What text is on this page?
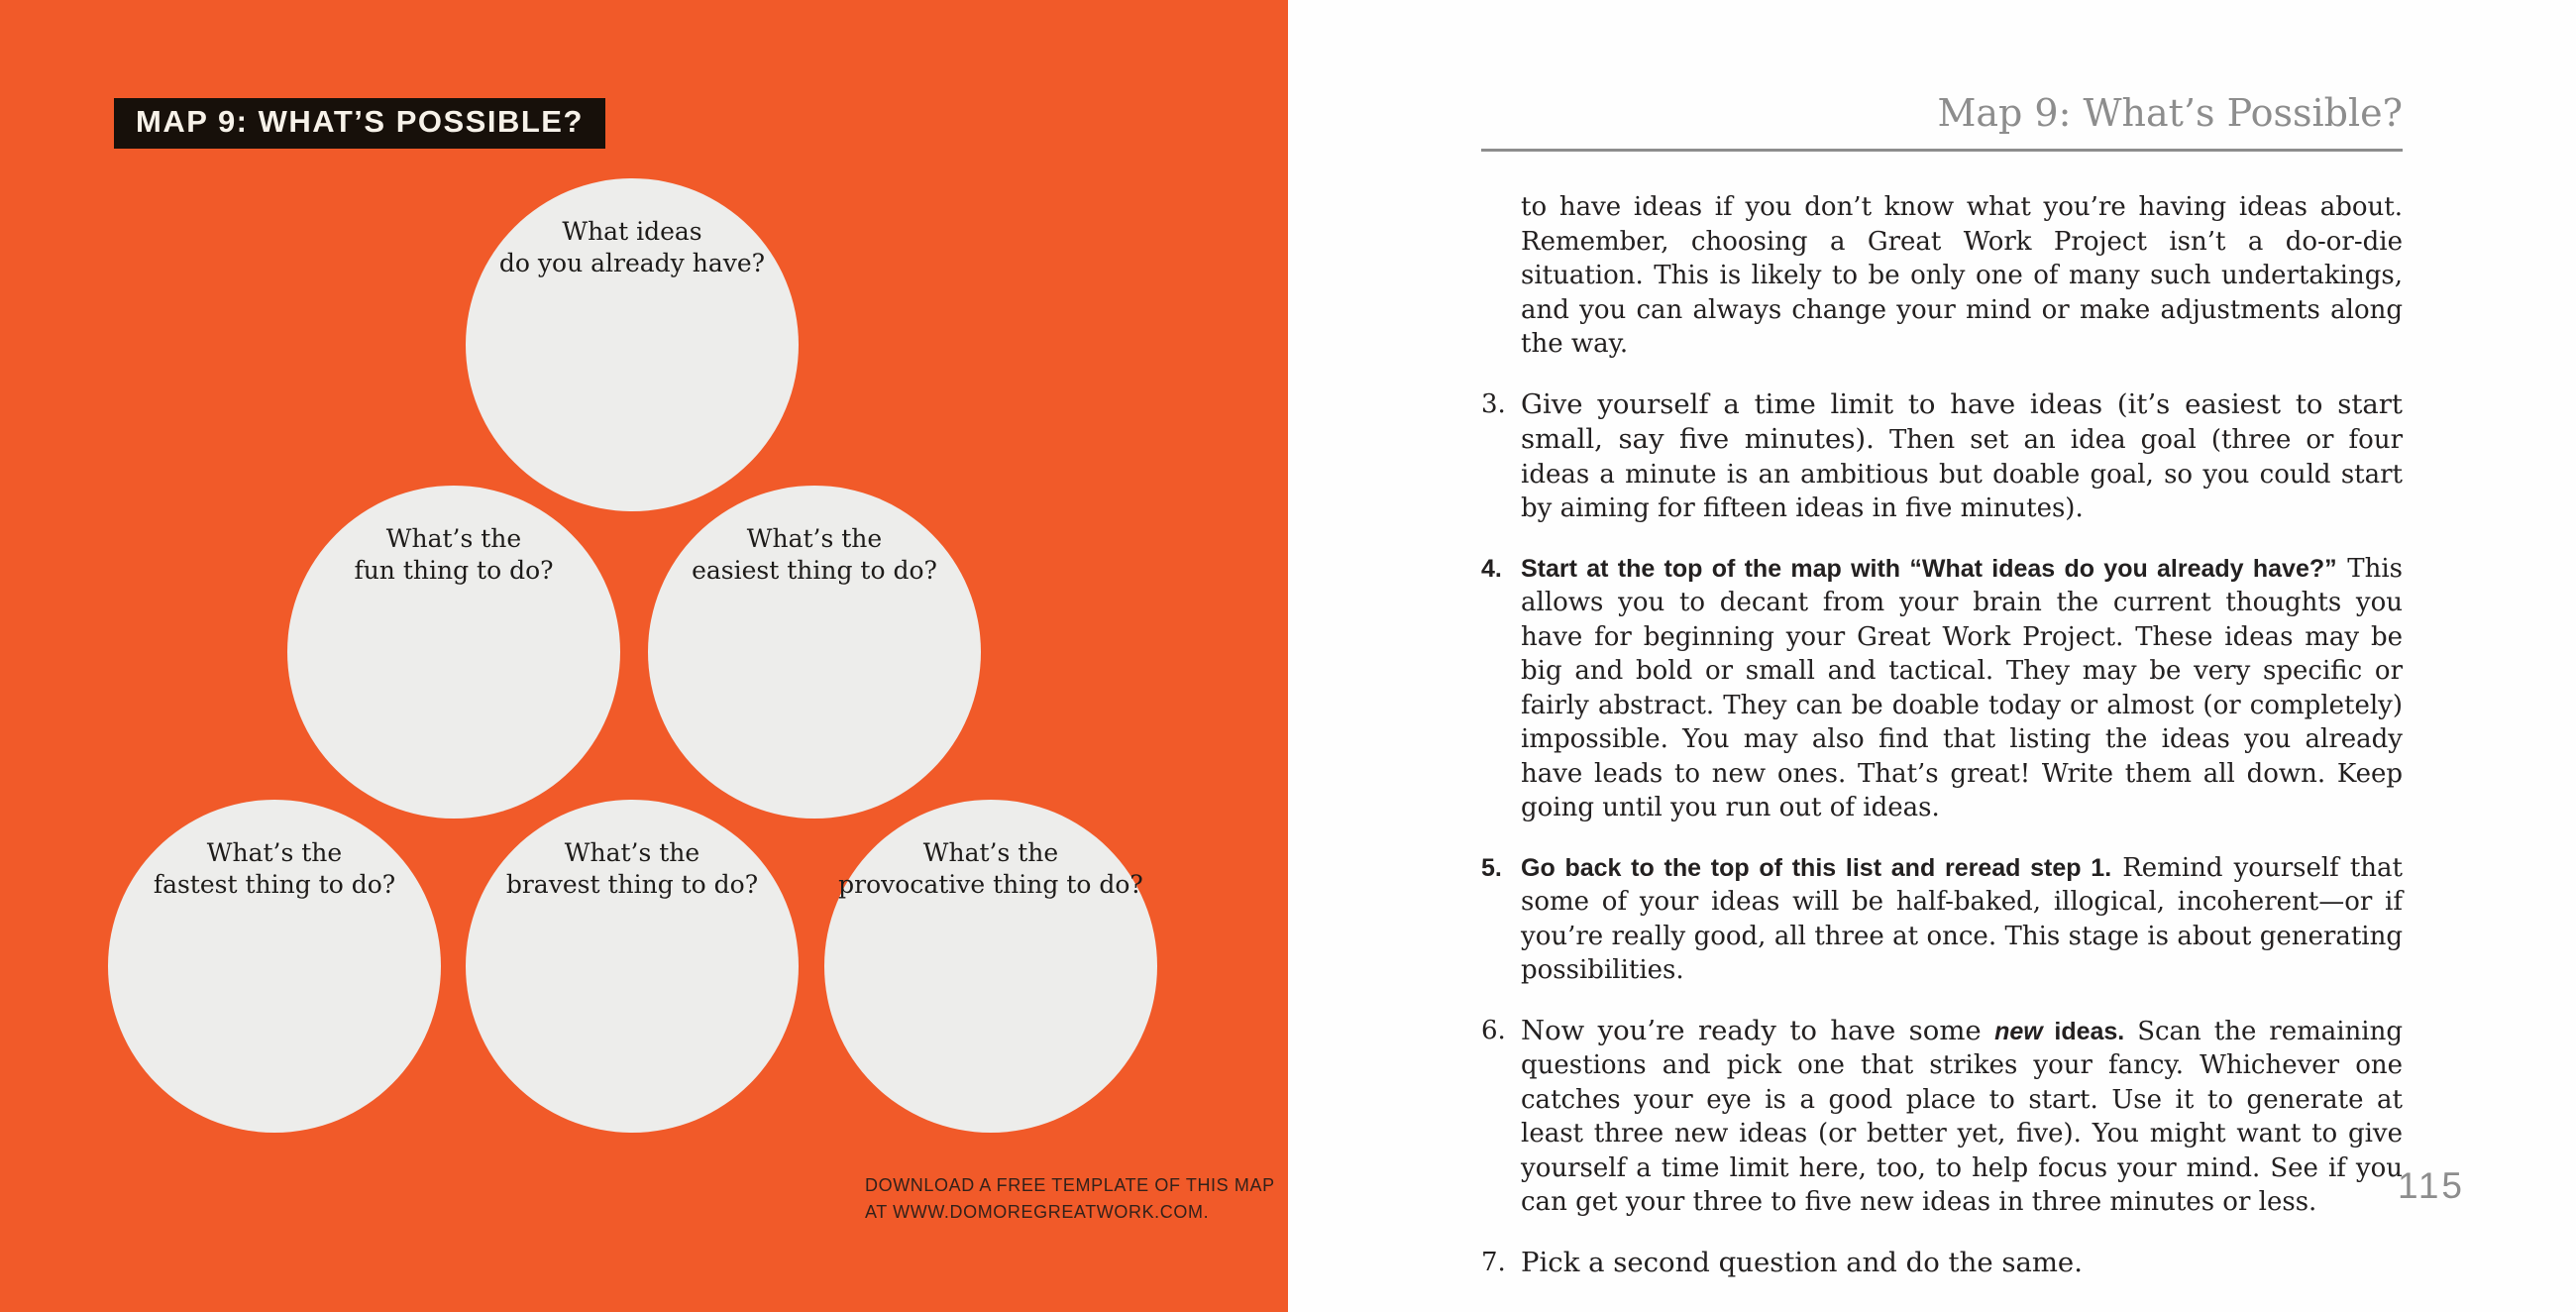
MAP 9: WHAT’S POSSIBLE?
What ideas
do you already have?
What’s the
fun thing to do?
What’s the
easiest thing to do?
What’s the
fastest thing to do?
What’s the
bravest thing to do?
What’s the
provocative thing to do?
DOWNLOAD A FREE TEMPLATE OF THIS MAP
AT WWW.DOMOREGREATWORK.COM.
Map 9: What’s Possible?

to have ideas if you don’t know what you’re having ideas about. Remember, choosing a Great Work Project isn’t a do-or-die situation. This is likely to be only one of many such undertakings, and you can always change your mind or make adjustments along the way.

3. Give yourself a time limit to have ideas (it’s easiest to start small, say five minutes). Then set an idea goal (three or four ideas a minute is an ambitious but doable goal, so you could start by aiming for fifteen ideas in five minutes).
4. Start at the top of the map with “What ideas do you already have?” This allows you to decant from your brain the current thoughts you have for beginning your Great Work Project. These ideas may be big and bold or small and tactical. They may be very specific or fairly abstract. They can be doable today or almost (or completely) impossible. You may also find that listing the ideas you already have leads to new ones. That’s great! Write them all down. Keep going until you run out of ideas.
5. Go back to the top of this list and reread step 1. Remind yourself that some of your ideas will be half-baked, illogical, incoherent—or if you’re really good, all three at once. This stage is about generating possibilities.
6. Now you’re ready to have some new ideas. Scan the remaining questions and pick one that strikes your fancy. Whichever one catches your eye is a good place to start. Use it to generate at least three new ideas (or better yet, five). You might want to give yourself a time limit here, too, to help focus your mind. See if you can get your three to five new ideas in three minutes or less.
7. Pick a second question and do the same.
115
